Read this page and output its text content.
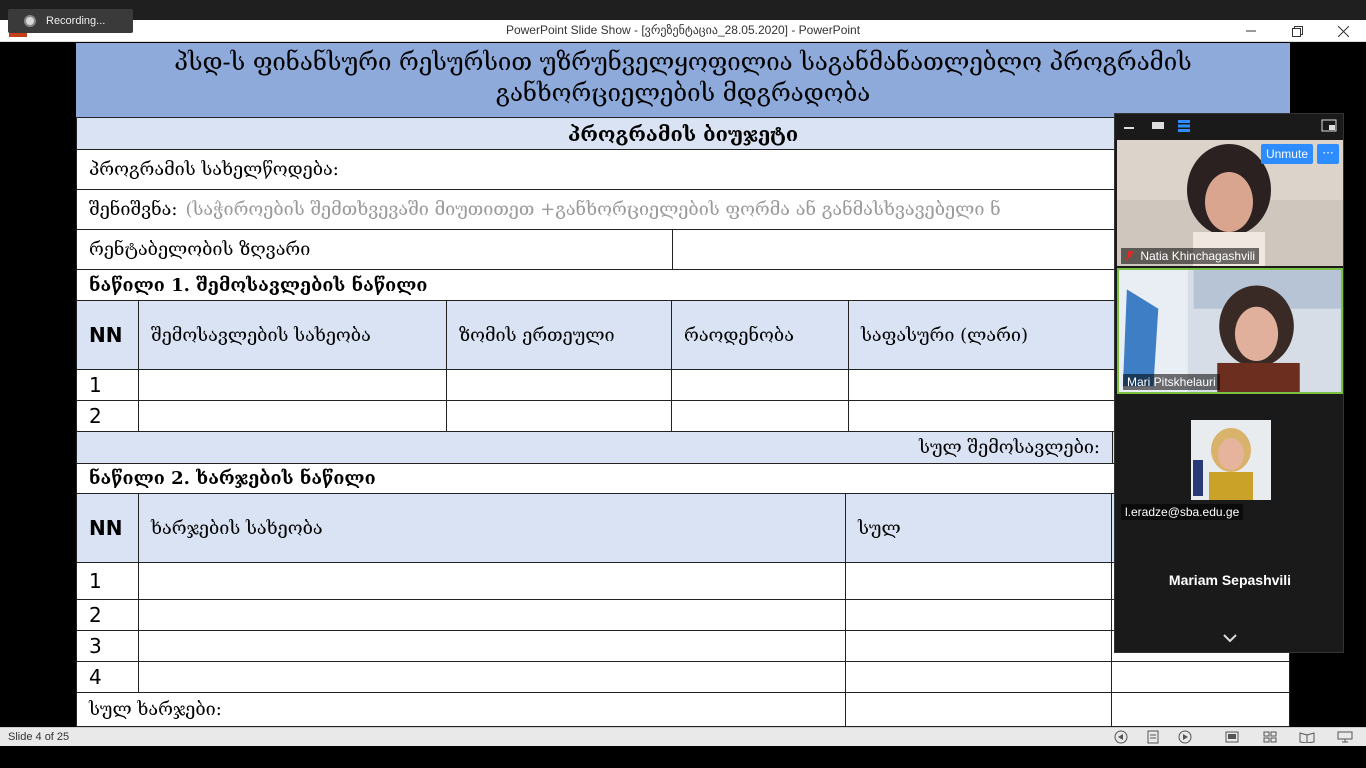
Recording...
PowerPoint Slide Show - [ვრეზენტაცია_28.05.2020] - PowerPoint
პსდ-ს ფინანსური რესურსით უზრუნველყოფილია საგანმანათლებლო პროგრამის
განხორციელების მდგრადობა
პროგრამის ბიუჯეტი
პროგრამის სახელწოდება:
შენიშვნა: (საჭიროების შემთხვევაში მიუთითეთ +განხორციელების ფორმა ან განმასხვავებელი ნ
რენტაბელობის ზღვარი
ნაწილი 1. შემოსავლების ნაწილი
NN	შემოსავლების სახეობა	ზომის ერთეული	რაოდენობა	საფასური (ლარი)
1
2
სულ შემოსავლები:
ნაწილი 2. ხარჯების ნაწილი
NN	ხარჯების სახეობა	სულ
1
2
3
4
სულ ხარჯები:
Unmute	···
Natia Khinchagashvili
Mari Pitskhelauri
l.eradze@sba.edu.ge
Mariam Sepashvili
Slide 4 of 25
